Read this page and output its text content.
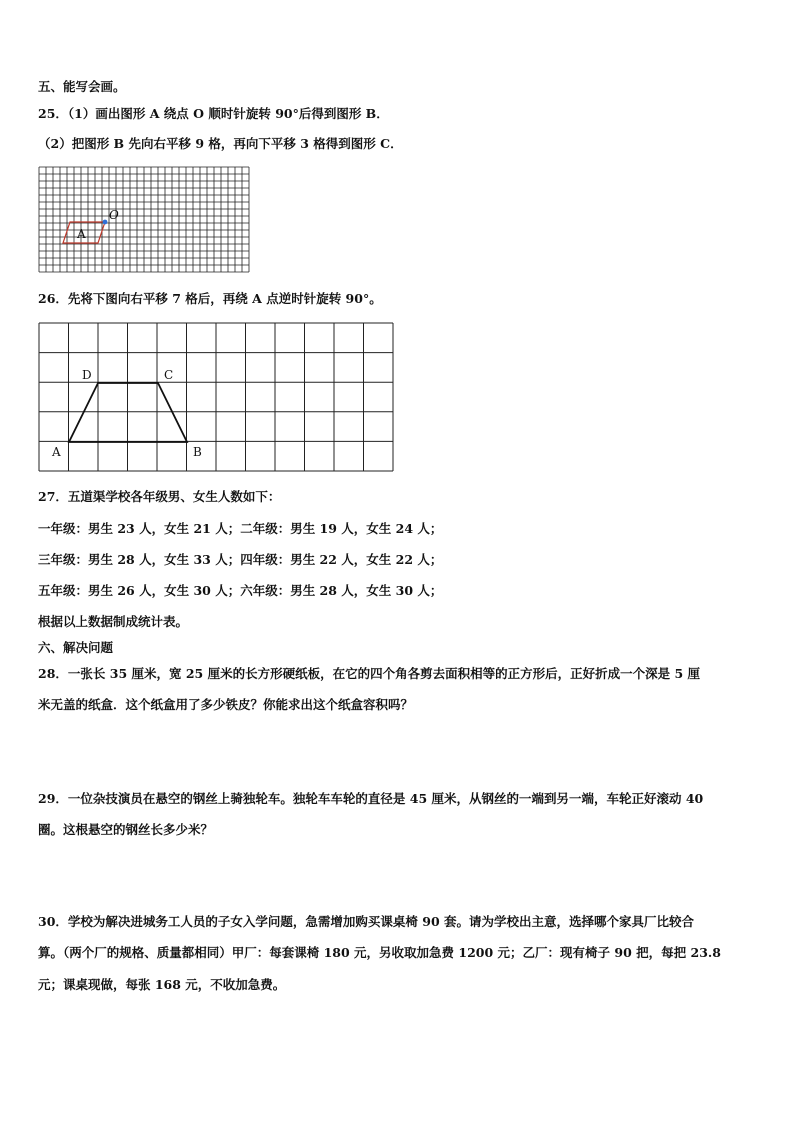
五、能写会画。
25．（1）画出图形 A 绕点 O 顺时针旋转 90°后得到图形 B．
（2）把图形 B 先向右平移 9 格，再向下平移 3 格得到图形 C．
A
O
26．先将下图向右平移 7 格后，再绕 A 点逆时针旋转 90°。
A	B
C
D
27．五道渠学校各年级男、女生人数如下：
一年级：男生 23 人，女生 21 人；二年级：男生 19 人，女生 24 人；
三年级：男生 28 人，女生 33 人；四年级：男生 22 人，女生 22 人；
五年级：男生 26 人，女生 30 人；六年级：男生 28 人，女生 30 人；
根据以上数据制成统计表。
六、解决问题
28．一张长 35 厘米，宽 25 厘米的长方形硬纸板，在它的四个角各剪去面积相等的正方形后，正好折成一个深是 5 厘
米无盖的纸盒．这个纸盒用了多少铁皮？你能求出这个纸盒容积吗？
29．一位杂技演员在悬空的钢丝上骑独轮车。独轮车车轮的直径是 45 厘米，从钢丝的一端到另一端，车轮正好滚动 40
圈。这根悬空的钢丝长多少米？
30．学校为解决进城务工人员的子女入学问题，急需增加购买课桌椅 90 套。请为学校出主意，选择哪个家具厂比较合
算。（两个厂的规格、质量都相同）甲厂：每套课椅 180 元，另收取加急费 1200 元；乙厂：现有椅子 90 把，每把 23.8
元；课桌现做，每张 168 元，不收加急费。
